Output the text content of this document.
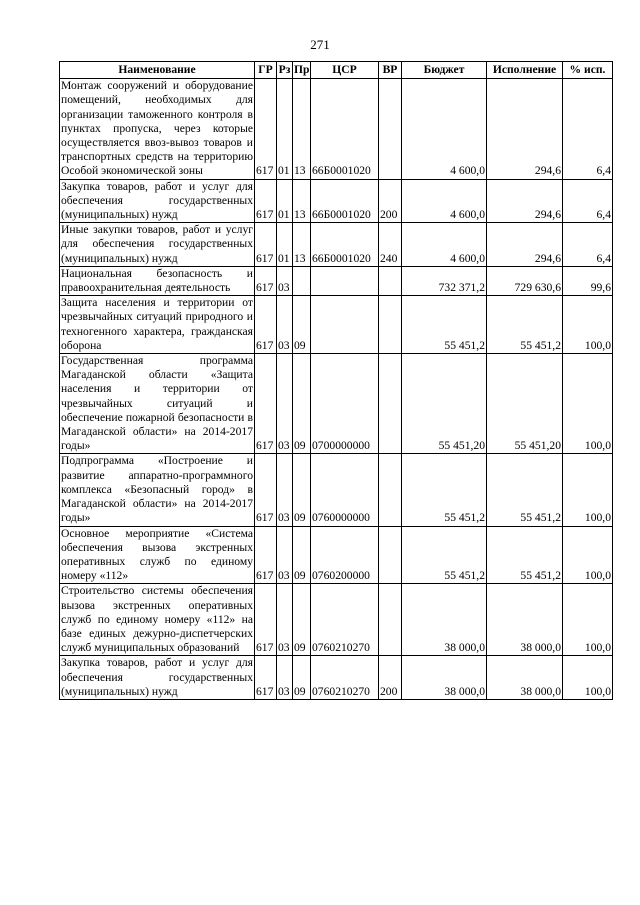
271
Наименование	ГР	Рз	Пр	ЦСР	ВР	Бюджет	Исполнение	% исп.
Монтаж сооружений и оборудование помещений, необходимых для организации таможенного контроля в пунктах пропуска, через которые осуществляется ввоз-вывоз товаров и транспортных средств на территорию Особой экономической зоны	617	01	13	66Б0001020		4 600,0	294,6	6,4
Закупка товаров, работ и услуг для обеспечения государственных (муниципальных) нужд	617	01	13	66Б0001020	200	4 600,0	294,6	6,4
Иные закупки товаров, работ и услуг для обеспечения государственных (муниципальных) нужд	617	01	13	66Б0001020	240	4 600,0	294,6	6,4
Национальная безопасность и правоохранительная деятельность	617	03				732 371,2	729 630,6	99,6
Защита населения и территории от чрезвычайных ситуаций природного и техногенного характера, гражданская оборона	617	03	09			55 451,2	55 451,2	100,0
Государственная программа Магаданской области «Защита населения и территории от чрезвычайных ситуаций и обеспечение пожарной безопасности в Магаданской области» на 2014-2017 годы»	617	03	09	0700000000		55 451,20	55 451,20	100,0
Подпрограмма «Построение и развитие аппаратно-программного комплекса «Безопасный город» в Магаданской области» на 2014-2017 годы»	617	03	09	0760000000		55 451,2	55 451,2	100,0
Основное мероприятие «Система обеспечения вызова экстренных оперативных служб по единому номеру «112»	617	03	09	0760200000		55 451,2	55 451,2	100,0
Строительство системы обеспечения вызова экстренных оперативных служб по единому номеру «112» на базе единых дежурно-диспетчерских служб муниципальных образований	617	03	09	0760210270		38 000,0	38 000,0	100,0
Закупка товаров, работ и услуг для обеспечения государственных (муниципальных) нужд	617	03	09	0760210270	200	38 000,0	38 000,0	100,0
